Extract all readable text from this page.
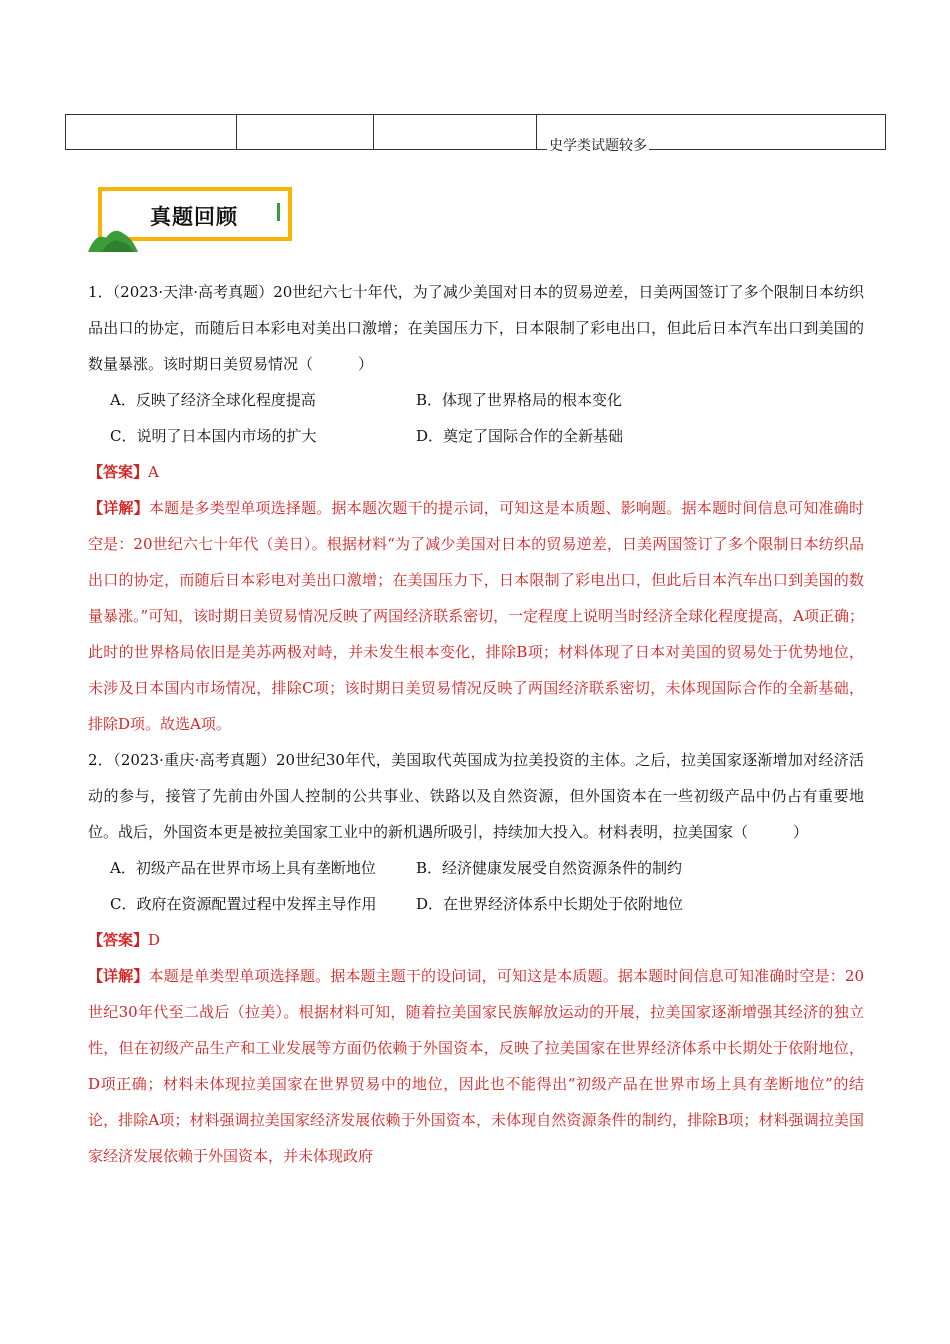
			史学类试题较多
真题回顾

1．（2023·天津·高考真题）20世纪六七十年代，为了减少美国对日本的贸易逆差，日美两国签订了多个限制日本纺织品出口的协定，而随后日本彩电对美出口激增；在美国压力下，日本限制了彩电出口，但此后日本汽车出口到美国的数量暴涨。该时期日美贸易情况（　　　）

A．反映了经济全球化程度提高	B．体现了世界格局的根本变化
C．说明了日本国内市场的扩大	D．奠定了国际合作的全新基础

【答案】A

【详解】本题是多类型单项选择题。据本题次题干的提示词，可知这是本质题、影响题。据本题时间信息可知准确时空是：20世纪六七十年代（美日）。根据材料“为了减少美国对日本的贸易逆差，日美两国签订了多个限制日本纺织品出口的协定，而随后日本彩电对美出口激增；在美国压力下，日本限制了彩电出口，但此后日本汽车出口到美国的数量暴涨。”可知，该时期日美贸易情况反映了两国经济联系密切，一定程度上说明当时经济全球化程度提高，A项正确；此时的世界格局依旧是美苏两极对峙，并未发生根本变化，排除B项；材料体现了日本对美国的贸易处于优势地位，未涉及日本国内市场情况，排除C项；该时期日美贸易情况反映了两国经济联系密切，未体现国际合作的全新基础，排除D项。故选A项。

2．（2023·重庆·高考真题）20世纪30年代，美国取代英国成为拉美投资的主体。之后，拉美国家逐渐增加对经济活动的参与，接管了先前由外国人控制的公共事业、铁路以及自然资源，但外国资本在一些初级产品中仍占有重要地位。战后，外国资本更是被拉美国家工业中的新机遇所吸引，持续加大投入。材料表明，拉美国家（　　　）

A．初级产品在世界市场上具有垄断地位	B．经济健康发展受自然资源条件的制约
C．政府在资源配置过程中发挥主导作用	D．在世界经济体系中长期处于依附地位

【答案】D

【详解】本题是单类型单项选择题。据本题主题干的设问词，可知这是本质题。据本题时间信息可知准确时空是：20世纪30年代至二战后（拉美）。根据材料可知，随着拉美国家民族解放运动的开展，拉美国家逐渐增强其经济的独立性，但在初级产品生产和工业发展等方面仍依赖于外国资本，反映了拉美国家在世界经济体系中长期处于依附地位，D项正确；材料未体现拉美国家在世界贸易中的地位，因此也不能得出“初级产品在世界市场上具有垄断地位”的结论，排除A项；材料强调拉美国家经济发展依赖于外国资本，未体现自然资源条件的制约，排除B项；材料强调拉美国家经济发展依赖于外国资本，并未体现政府
